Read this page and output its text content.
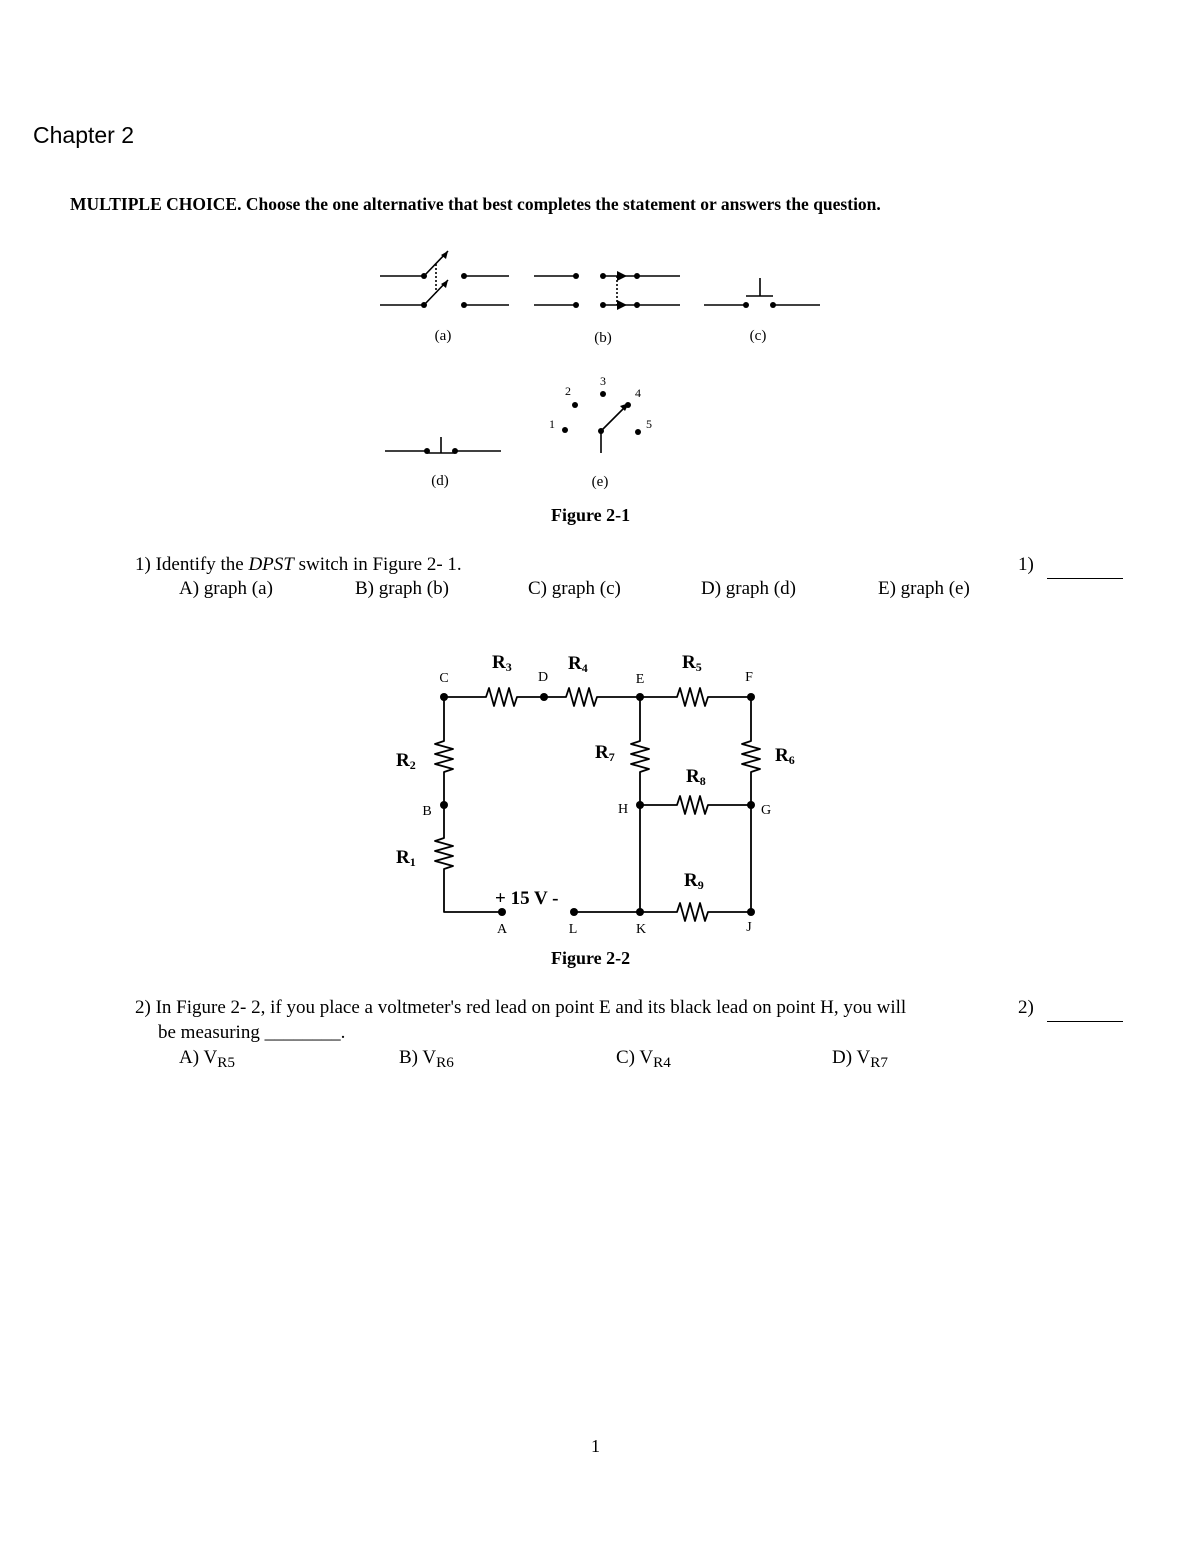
Chapter 2
MULTIPLE CHOICE. Choose the one alternative that best completes the statement or answers the question.
(a)	(b)	(c)
(d)	(e)
1
2
3
4
5
Figure 2-1
1) Identify the DPST switch in Figure 2- 1.	1)
A) graph (a)	B) graph (b)	C) graph (c)	D) graph (d)	E) graph (e)
C	D	E	F
B	H	G
A	L	K	J
R3	R4	R5
R2
R1
R7	R6
R8
R9
+ 15 V -
Figure 2-2
2) In Figure 2- 2, if you place a voltmeter's red lead on point E and its black lead on point H, you will
be measuring ________.
2)
A) $V_{R5}$	B) $V_{R6}$	C) $V_{R4}$	D) $V_{R7}$
1
